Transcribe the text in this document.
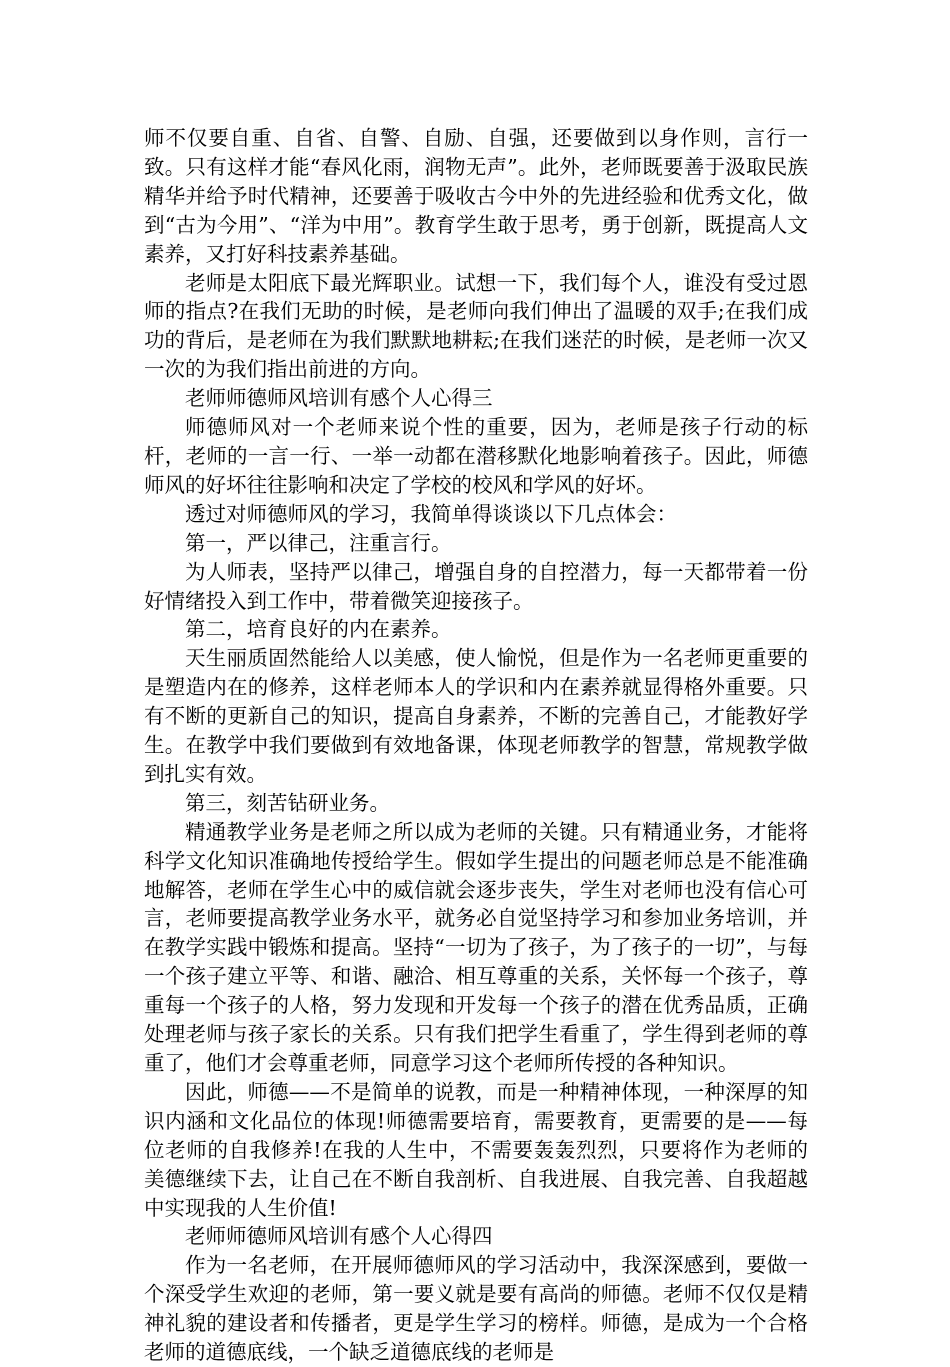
师不仅要自重、自省、自警、自励、自强，还要做到以身作则，言行一致。只有这样才能“春风化雨，润物无声”。此外，老师既要善于汲取民族精华并给予时代精神，还要善于吸收古今中外的先进经验和优秀文化，做到“古为今用”、“洋为中用”。教育学生敢于思考，勇于创新，既提高人文素养，又打好科技素养基础。

老师是太阳底下最光辉职业。试想一下，我们每个人，谁没有受过恩师的指点?在我们无助的时候，是老师向我们伸出了温暖的双手;在我们成功的背后，是老师在为我们默默地耕耘;在我们迷茫的时候，是老师一次又一次的为我们指出前进的方向。

老师师德师风培训有感个人心得三

师德师风对一个老师来说个性的重要，因为，老师是孩子行动的标杆，老师的一言一行、一举一动都在潜移默化地影响着孩子。因此，师德师风的好坏往往影响和决定了学校的校风和学风的好坏。

透过对师德师风的学习，我简单得谈谈以下几点体会：

第一，严以律己，注重言行。

为人师表，坚持严以律己，增强自身的自控潜力，每一天都带着一份好情绪投入到工作中，带着微笑迎接孩子。

第二，培育良好的内在素养。

天生丽质固然能给人以美感，使人愉悦，但是作为一名老师更重要的是塑造内在的修养，这样老师本人的学识和内在素养就显得格外重要。只有不断的更新自己的知识，提高自身素养，不断的完善自己，才能教好学生。在教学中我们要做到有效地备课，体现老师教学的智慧，常规教学做到扎实有效。

第三，刻苦钻研业务。

精通教学业务是老师之所以成为老师的关键。只有精通业务，才能将科学文化知识准确地传授给学生。假如学生提出的问题老师总是不能准确地解答，老师在学生心中的威信就会逐步丧失，学生对老师也没有信心可言，老师要提高教学业务水平，就务必自觉坚持学习和参加业务培训，并在教学实践中锻炼和提高。坚持“一切为了孩子，为了孩子的一切”，与每一个孩子建立平等、和谐、融洽、相互尊重的关系，关怀每一个孩子，尊重每一个孩子的人格，努力发现和开发每一个孩子的潜在优秀品质，正确处理老师与孩子家长的关系。只有我们把学生看重了，学生得到老师的尊重了，他们才会尊重老师，同意学习这个老师所传授的各种知识。

因此，师德——不是简单的说教，而是一种精神体现，一种深厚的知识内涵和文化品位的体现!师德需要培育，需要教育，更需要的是——每位老师的自我修养!在我的人生中，不需要轰轰烈烈，只要将作为老师的美德继续下去，让自己在不断自我剖析、自我进展、自我完善、自我超越中实现我的人生价值!

老师师德师风培训有感个人心得四

作为一名老师，在开展师德师风的学习活动中，我深深感到，要做一个深受学生欢迎的老师，第一要义就是要有高尚的师德。老师不仅仅是精神礼貌的建设者和传播者，更是学生学习的榜样。师德，是成为一个合格老师的道德底线，一个缺乏道德底线的老师是
